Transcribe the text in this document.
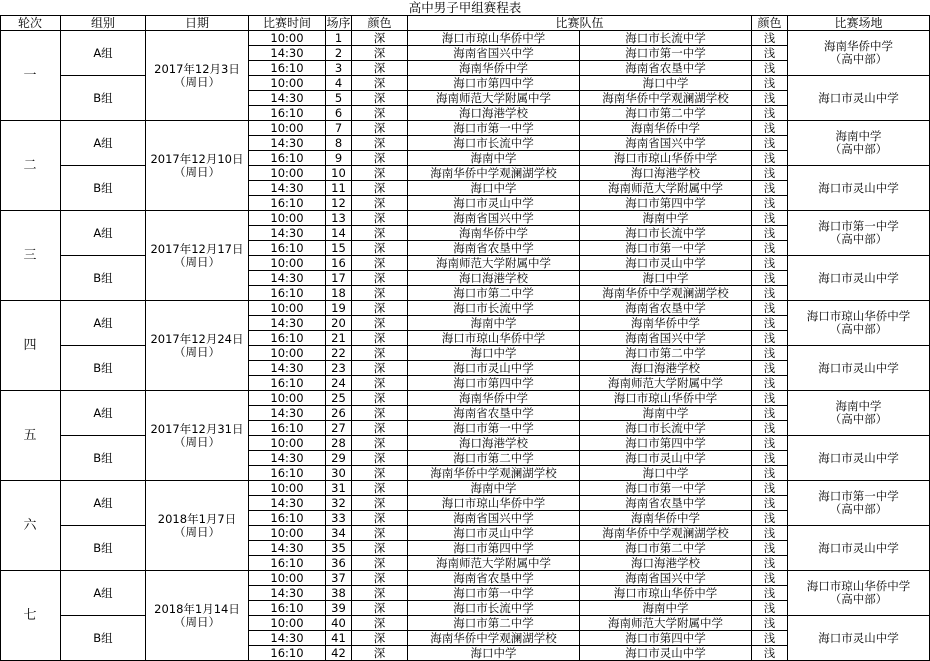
高中男子甲组赛程表
轮次	组别	日期	比赛时间	场序	颜色	比赛队伍	颜色	比赛场地
一	2017年12月3日
（周日）
A组	海南华侨中学
（高中部）
10:00	1	深	海口市琼山华侨中学	海口市长流中学	浅
14:30	2	深	海南省国兴中学	海口市第一中学	浅
16:10	3	深	海南华侨中学	海南省农垦中学	浅
B组	海口市灵山中学
10:00	4	深	海口市第四中学	海口中学	浅
14:30	5	深	海南师范大学附属中学	海南华侨中学观澜湖学校	浅
16:10	6	深	海口海港学校	海口市第二中学	浅
二	2017年12月10日
（周日）
A组	海南中学
（高中部）
10:00	7	深	海口市第一中学	海南华侨中学	浅
14:30	8	深	海口市长流中学	海南省国兴中学	浅
16:10	9	深	海南中学	海口市琼山华侨中学	浅
B组	海口市灵山中学
10:00	10	深	海南华侨中学观澜湖学校	海口海港学校	浅
14:30	11	深	海口中学	海南师范大学附属中学	浅
16:10	12	深	海口市灵山中学	海口市第四中学	浅
三	2017年12月17日
（周日）
A组	海口市第一中学
（高中部）
10:00	13	深	海南省国兴中学	海南中学	浅
14:30	14	深	海南华侨中学	海口市长流中学	浅
16:10	15	深	海南省农垦中学	海口市第一中学	浅
B组	海口市灵山中学
10:00	16	深	海南师范大学附属中学	海口市灵山中学	浅
14:30	17	深	海口海港学校	海口中学	浅
16:10	18	深	海口市第二中学	海南华侨中学观澜湖学校	浅
四	2017年12月24日
（周日）
A组	海口市琼山华侨中学
（高中部）
10:00	19	深	海口市长流中学	海南省农垦中学	浅
14:30	20	深	海南中学	海南华侨中学	浅
16:10	21	深	海口市琼山华侨中学	海南省国兴中学	浅
B组	海口市灵山中学
10:00	22	深	海口中学	海口市第二中学	浅
14:30	23	深	海口市灵山中学	海口海港学校	浅
16:10	24	深	海口市第四中学	海南师范大学附属中学	浅
五	2017年12月31日
（周日）
A组	海南中学
（高中部）
10:00	25	深	海南华侨中学	海口市琼山华侨中学	浅
14:30	26	深	海南省农垦中学	海南中学	浅
16:10	27	深	海口市第一中学	海口市长流中学	浅
B组	海口市灵山中学
10:00	28	深	海口海港学校	海口市第四中学	浅
14:30	29	深	海口市第二中学	海口市灵山中学	浅
16:10	30	深	海南华侨中学观澜湖学校	海口中学	浅
六	2018年1月7日
（周日）
A组	海口市第一中学
（高中部）
10:00	31	深	海南中学	海口市第一中学	浅
14:30	32	深	海口市琼山华侨中学	海南省农垦中学	浅
16:10	33	深	海南省国兴中学	海南华侨中学	浅
B组	海口市灵山中学
10:00	34	深	海口市灵山中学	海南华侨中学观澜湖学校	浅
14:30	35	深	海口市第四中学	海口市第二中学	浅
16:10	36	深	海南师范大学附属中学	海口海港学校	浅
七	2018年1月14日
（周日）
A组	海口市琼山华侨中学
（高中部）
10:00	37	深	海南省农垦中学	海南省国兴中学	浅
14:30	38	深	海口市第一中学	海口市琼山华侨中学	浅
16:10	39	深	海口市长流中学	海南中学	浅
B组	海口市灵山中学
10:00	40	深	海口市第二中学	海南师范大学附属中学	浅
14:30	41	深	海南华侨中学观澜湖学校	海口市第四中学	浅
16:10	42	深	海口中学	海口市灵山中学	浅
